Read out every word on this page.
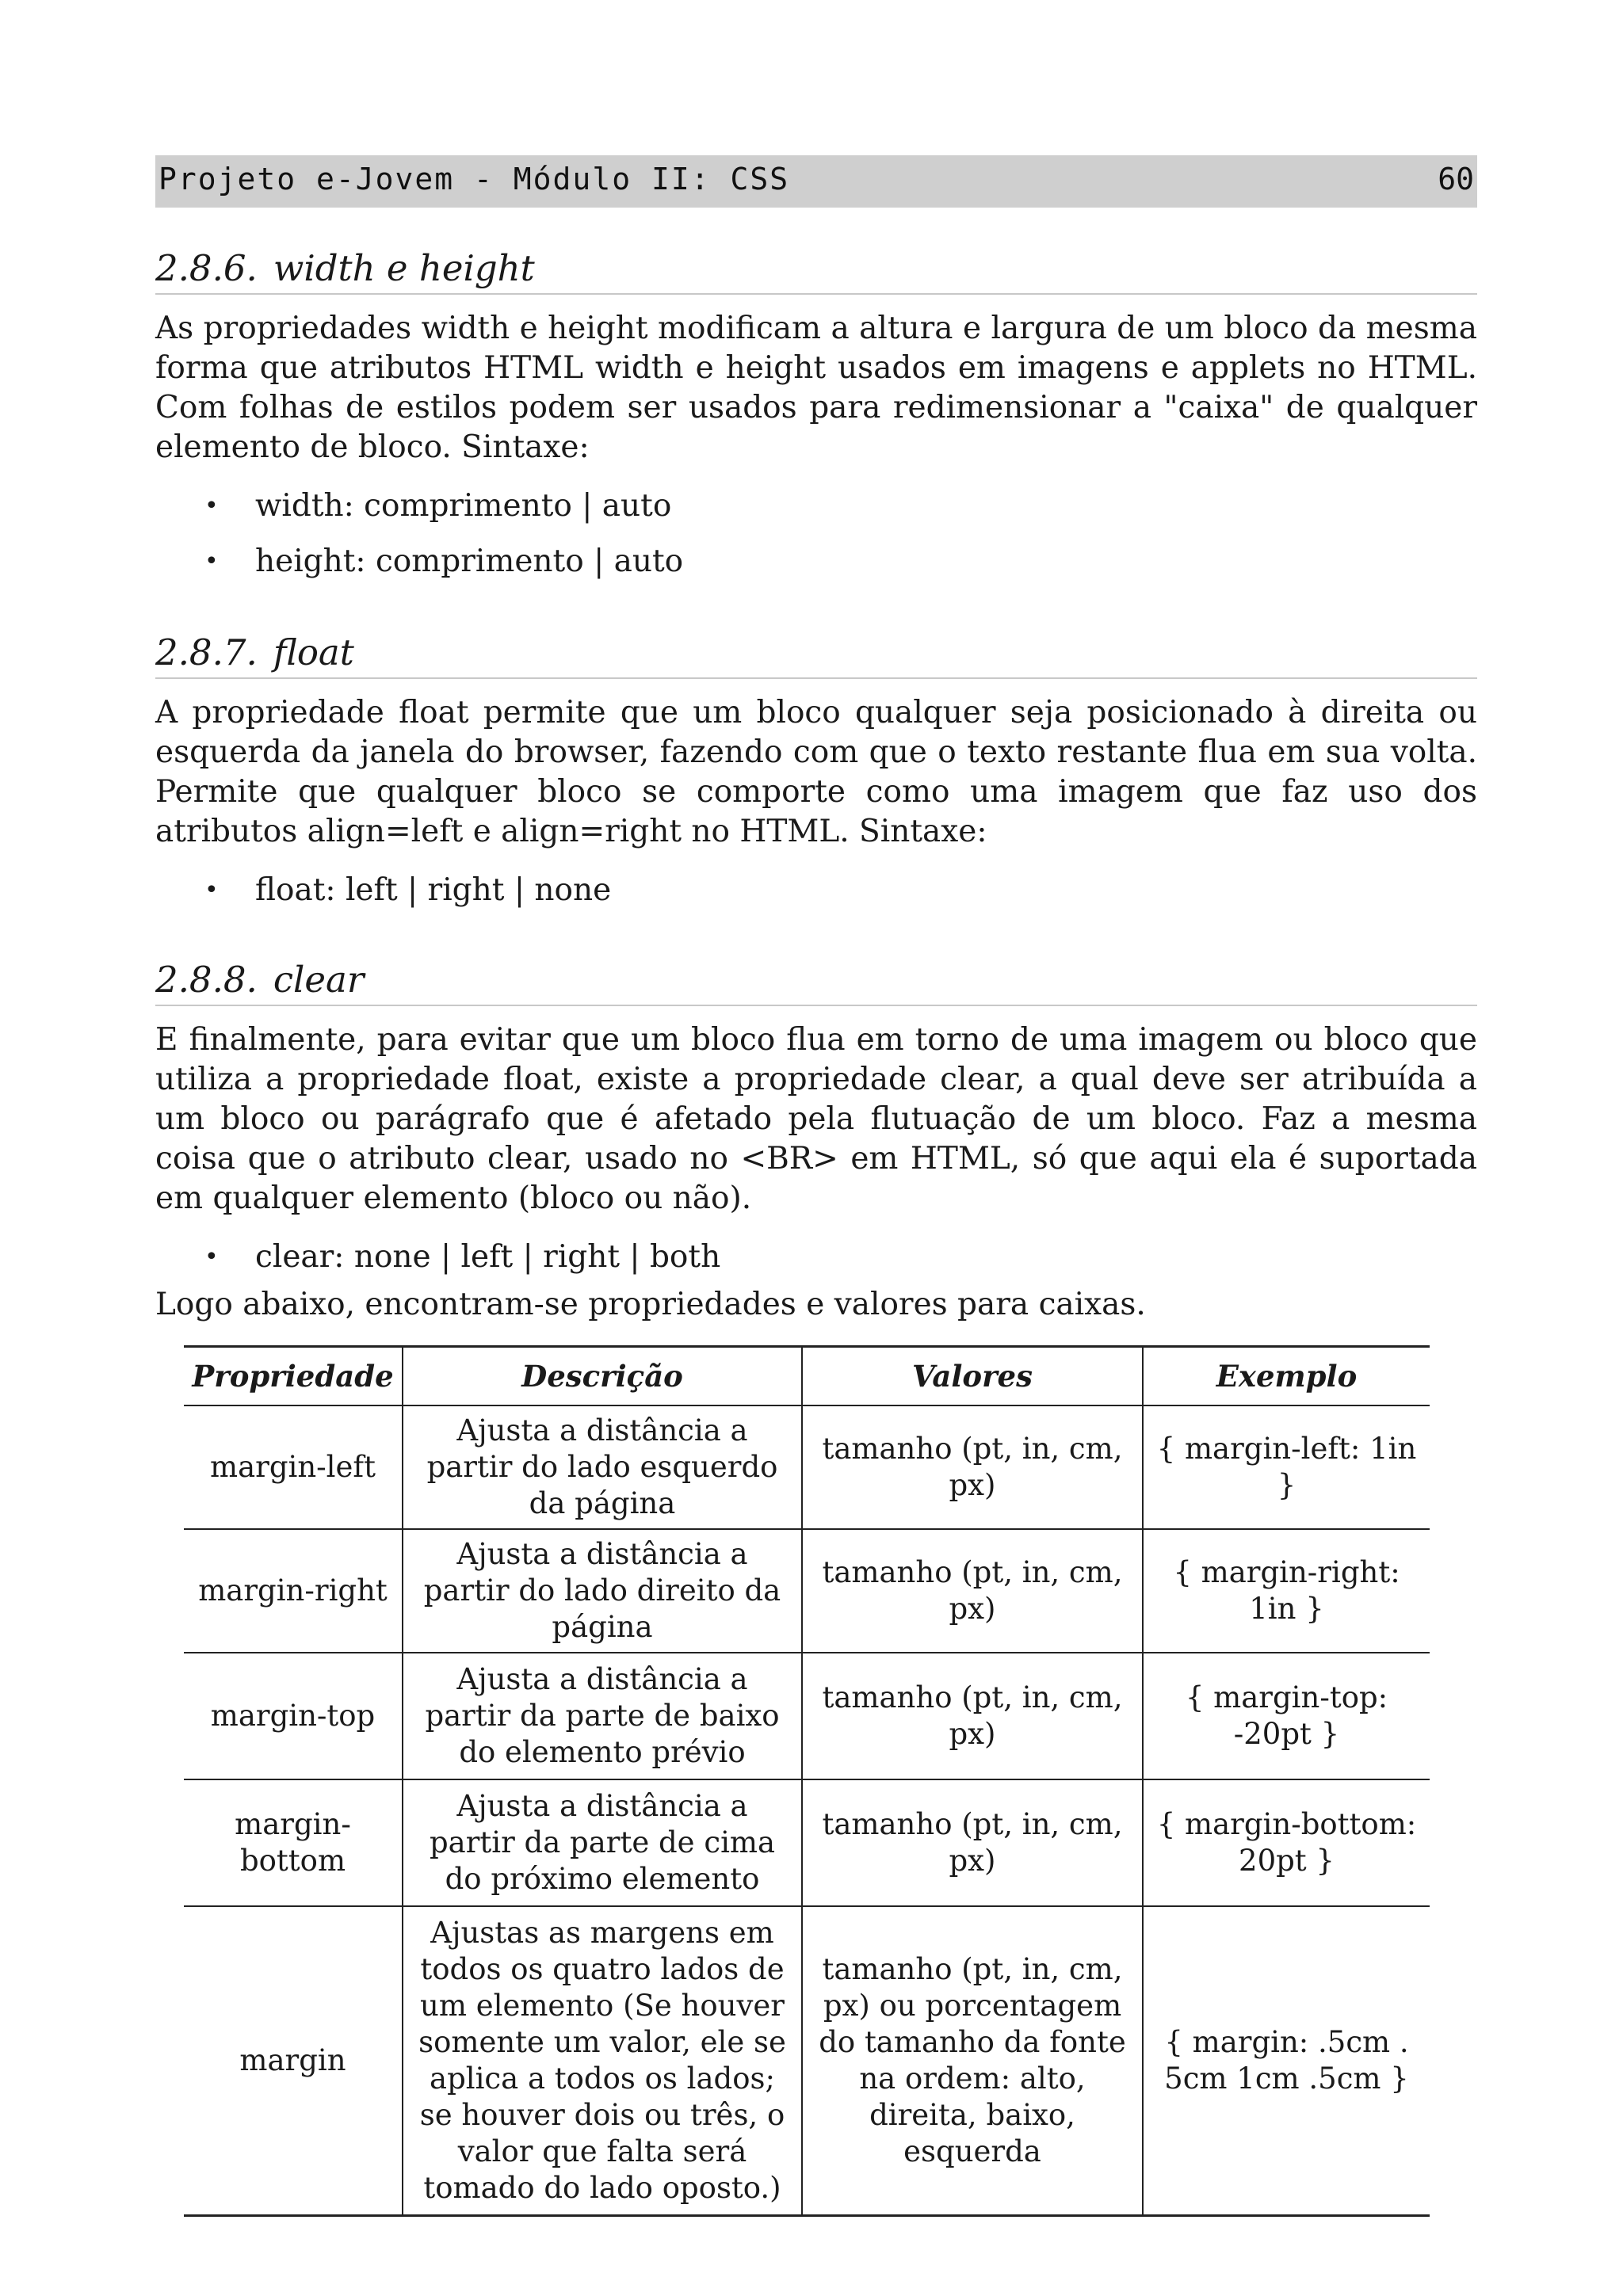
Projeto e-Jovem - Módulo II: CSS	60
2.8.6. width e height

As propriedades width e height modificam a altura e largura de um bloco da mesma forma que atributos HTML width e height usados em imagens e applets no HTML. Com folhas de estilos podem ser usados para redimensionar a "caixa" de qualquer elemento de bloco. Sintaxe:

• width: comprimento | auto
• height: comprimento | auto
2.8.7. float

A propriedade float permite que um bloco qualquer seja posicionado à direita ou esquerda da janela do browser, fazendo com que o texto restante flua em sua volta. Permite que qualquer bloco se comporte como uma imagem que faz uso dos atributos align=left e align=right no HTML. Sintaxe:

• float: left | right | none
2.8.8. clear

E finalmente, para evitar que um bloco flua em torno de uma imagem ou bloco que utiliza a propriedade float, existe a propriedade clear, a qual deve ser atribuída a um bloco ou parágrafo que é afetado pela flutuação de um bloco. Faz a mesma coisa que o atributo clear, usado no <BR> em HTML, só que aqui ela é suportada em qualquer elemento (bloco ou não).

• clear: none | left | right | both

Logo abaixo, encontram-se propriedades e valores para caixas.

Propriedade	Descrição	Valores	Exemplo
margin-left	Ajusta a distância a partir do lado esquerdo da página	tamanho (pt, in, cm, px)	{ margin-left: 1in }
margin-right	Ajusta a distância a partir do lado direito da página	tamanho (pt, in, cm, px)	{ margin-right: 1in }
margin-top	Ajusta a distância a partir da parte de baixo do elemento prévio	tamanho (pt, in, cm, px)	{ margin-top: -20pt }
margin-bottom	Ajusta a distância a partir da parte de cima do próximo elemento	tamanho (pt, in, cm, px)	{ margin-bottom: 20pt }
margin	Ajustas as margens em todos os quatro lados de um elemento (Se houver somente um valor, ele se aplica a todos os lados; se houver dois ou três, o valor que falta será tomado do lado oposto.)	tamanho (pt, in, cm, px) ou porcentagem do tamanho da fonte na ordem: alto, direita, baixo, esquerda	{ margin: .5cm . 5cm 1cm .5cm }
